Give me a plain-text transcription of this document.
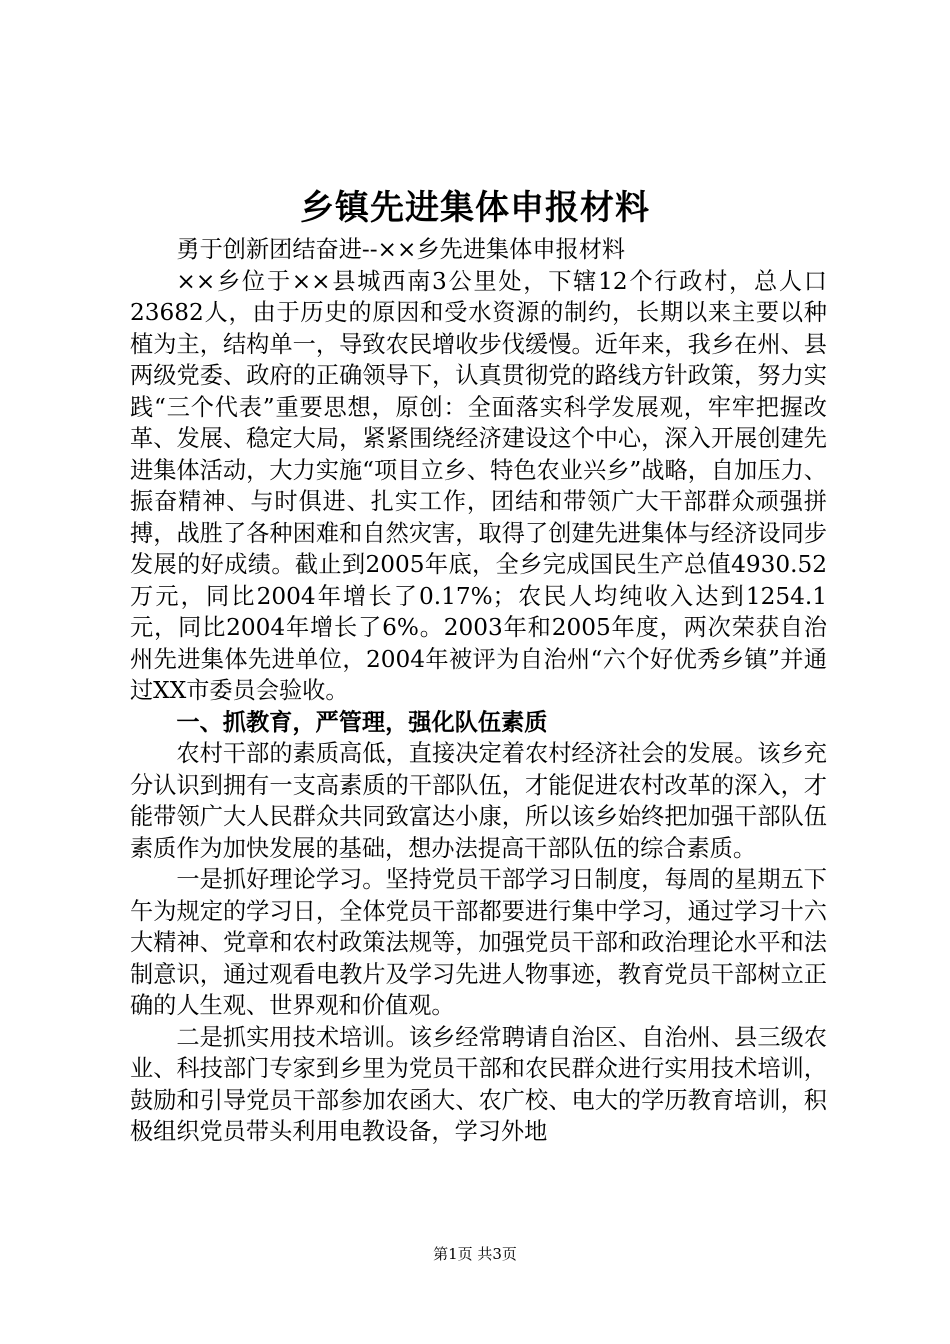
乡镇先进集体申报材料

勇于创新团结奋进--××乡先进集体申报材料

××乡位于××县城西南3公里处，下辖12个行政村，总人口23682人，由于历史的原因和受水资源的制约，长期以来主要以种植为主，结构单一，导致农民增收步伐缓慢。近年来，我乡在州、县两级党委、政府的正确领导下，认真贯彻党的路线方针政策，努力实践“三个代表”重要思想，原创：全面落实科学发展观，牢牢把握改革、发展、稳定大局，紧紧围绕经济建设这个中心，深入开展创建先进集体活动，大力实施“项目立乡、特色农业兴乡”战略，自加压力、振奋精神、与时俱进、扎实工作，团结和带领广大干部群众顽强拼搏，战胜了各种困难和自然灾害，取得了创建先进集体与经济设同步发展的好成绩。截止到2005年底，全乡完成国民生产总值4930.52万元，同比2004年增长了0.17%；农民人均纯收入达到1254.1元，同比2004年增长了6%。2003年和2005年度，两次荣获自治州先进集体先进单位，2004年被评为自治州“六个好优秀乡镇”并通过XX市委员会验收。

一、抓教育，严管理，强化队伍素质

农村干部的素质高低，直接决定着农村经济社会的发展。该乡充分认识到拥有一支高素质的干部队伍，才能促进农村改革的深入，才能带领广大人民群众共同致富达小康，所以该乡始终把加强干部队伍素质作为加快发展的基础，想办法提高干部队伍的综合素质。

一是抓好理论学习。坚持党员干部学习日制度，每周的星期五下午为规定的学习日，全体党员干部都要进行集中学习，通过学习十六大精神、党章和农村政策法规等，加强党员干部和政治理论水平和法制意识，通过观看电教片及学习先进人物事迹，教育党员干部树立正确的人生观、世界观和价值观。

二是抓实用技术培训。该乡经常聘请自治区、自治州、县三级农业、科技部门专家到乡里为党员干部和农民群众进行实用技术培训，鼓励和引导党员干部参加农函大、农广校、电大的学历教育培训，积极组织党员带头利用电教设备，学习外地

第1页 共3页
